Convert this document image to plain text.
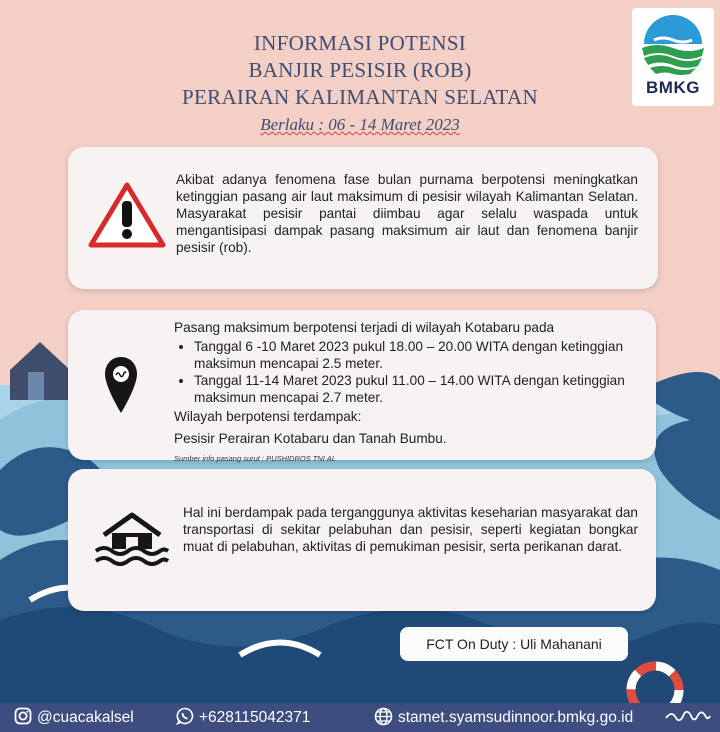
INFORMASI POTENSI
BANJIR PESISIR (ROB)
PERAIRAN KALIMANTAN SELATAN
Berlaku : 06 - 14 Maret 2023
BMKG
Akibat adanya fenomena fase bulan purnama berpotensi meningkatkan ketinggian pasang air laut maksimum di pesisir wilayah Kalimantan Selatan. Masyarakat pesisir pantai diimbau agar selalu waspada untuk mengantisipasi dampak pasang maksimum air laut dan fenomena banjir pesisir (rob).
Pasang maksimum berpotensi terjadi di wilayah Kotabaru pada
• Tanggal 6 -10 Maret 2023 pukul 18.00 – 20.00 WITA dengan ketinggian maksimun mencapai 2.5 meter.
• Tanggal 11-14 Maret 2023 pukul 11.00 – 14.00 WITA dengan ketinggian maksimun mencapai 2.7 meter.
Wilayah berpotensi terdampak:
Pesisir Perairan Kotabaru dan Tanah Bumbu.
Sumber info pasang surut : PUSHIDROS TNI AL
Hal ini berdampak pada terganggunya aktivitas keseharian masyarakat dan transportasi di sekitar pelabuhan dan pesisir, seperti kegiatan bongkar muat di pelabuhan, aktivitas di pemukiman pesisir, serta perikanan darat.
FCT On Duty : Uli Mahanani
@cuacakalsel	+628115042371	stamet.syamsudinnoor.bmkg.go.id
